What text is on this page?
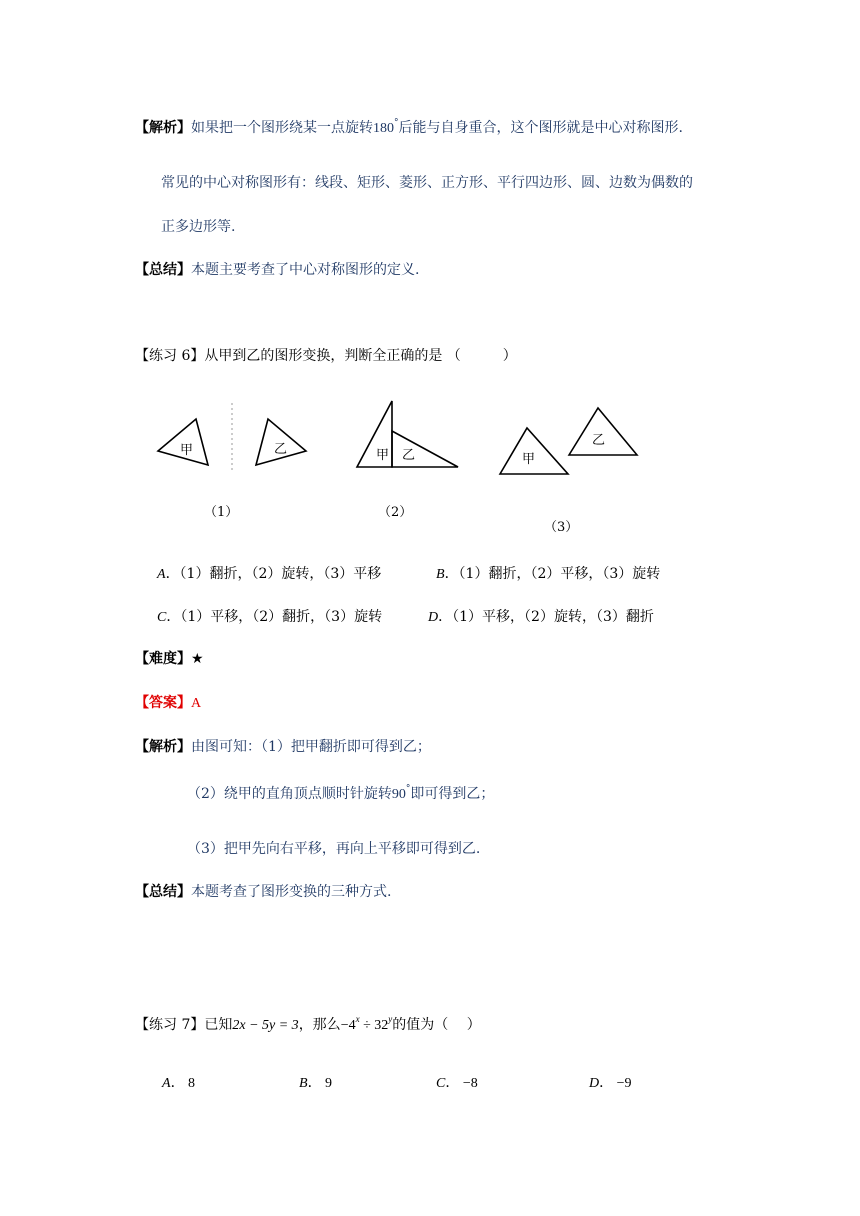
【解析】如果把一个图形绕某一点旋转180°后能与自身重合，这个图形就是中心对称图形.
常见的中心对称图形有：线段、矩形、菱形、正方形、平行四边形、圆、边数为偶数的
正多边形等.
【总结】本题主要考查了中心对称图形的定义.
【练习 6】从甲到乙的图形变换，判断全正确的是 （　　　）
甲	乙	甲 乙	甲
乙
（1）	（2）
（3）
A．（1）翻折，（2）旋转，（3）平移	B．（1）翻折，（2）平移，（3）旋转
C．（1）平移，（2）翻折，（3）旋转	D．（1）平移，（2）旋转，（3）翻折
【难度】★
【答案】A
【解析】由图可知：（1）把甲翻折即可得到乙；
（2）绕甲的直角顶点顺时针旋转90°即可得到乙；
（3）把甲先向右平移，再向上平移即可得到乙.
【总结】本题考查了图形变换的三种方式.
【练习 7】已知2x − 5y = 3，那么$-4^x \div 32^y$的值为（　 ）
A． 8	B． 9	C． −8	D． −9
